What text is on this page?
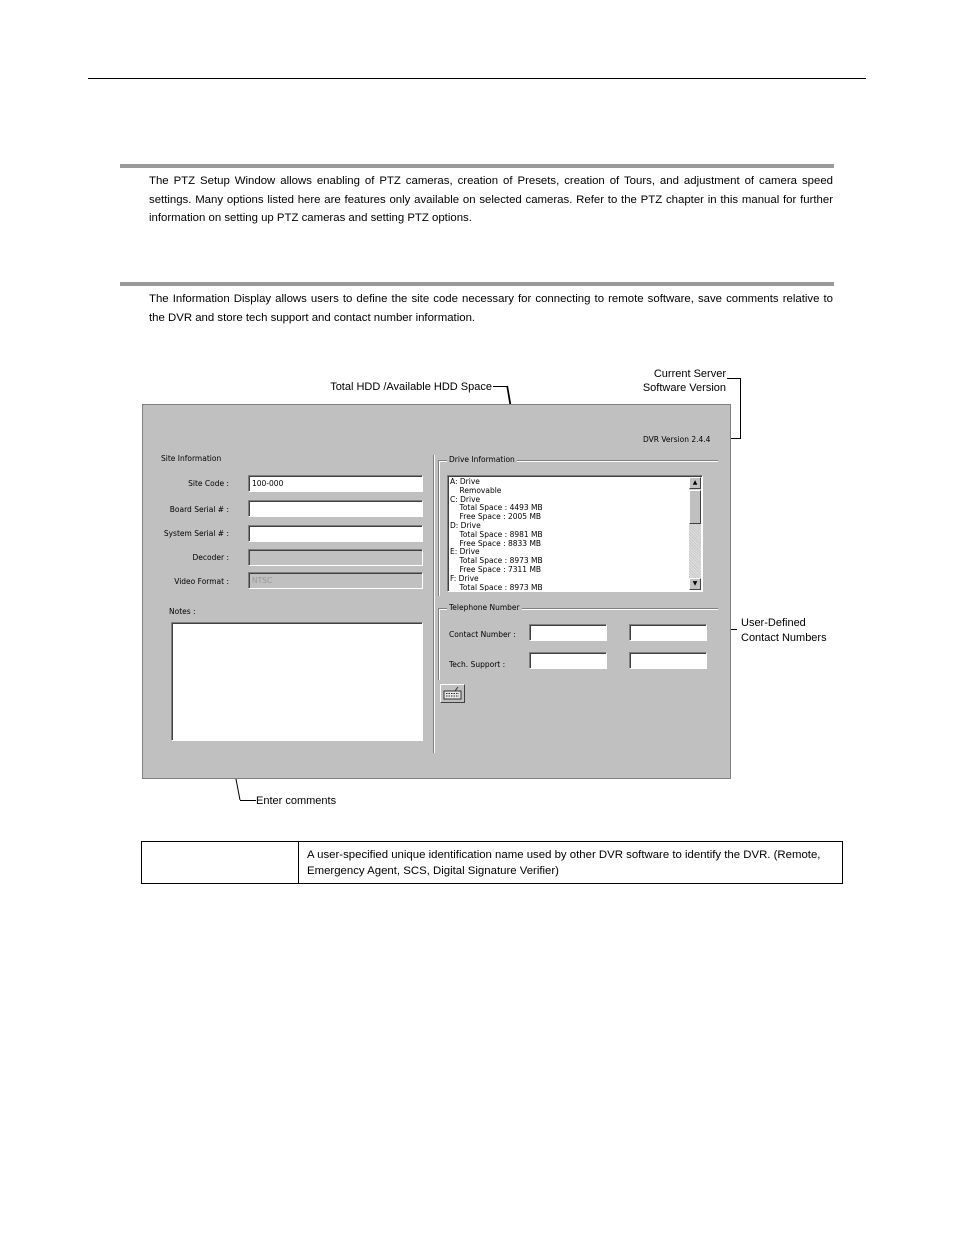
The PTZ Setup Window allows enabling of PTZ cameras, creation of Presets, creation of Tours, and adjustment of camera speed settings. Many options listed here are features only available on selected cameras. Refer to the PTZ chapter in this manual for further information on setting up PTZ cameras and setting PTZ options.
The Information Display allows users to define the site code necessary for connecting to remote software, save comments relative to the DVR and store tech support and contact number information.
Total HDD /Available HDD Space
Current Server
Software Version
User-Defined
Contact Numbers
Enter comments
DVR Version 2.4.4
Site Information
Site Code :	100-000
Board Serial # :
System Serial # :
Decoder :
Video Format :	NTSC
Notes :
Drive Information
A: Drive
Removable
C: Drive
Total Space : 4493 MB
Free Space : 2005 MB
D: Drive
Total Space : 8981 MB
Free Space : 8833 MB
E: Drive
Total Space : 8973 MB
Free Space : 7311 MB
F: Drive
Total Space : 8973 MB
▲
▼
Telephone Number
Contact Number :
Tech. Support :
A user-specified unique identification name used by other DVR software to identify the DVR. (Remote, Emergency Agent, SCS, Digital Signature Verifier)
